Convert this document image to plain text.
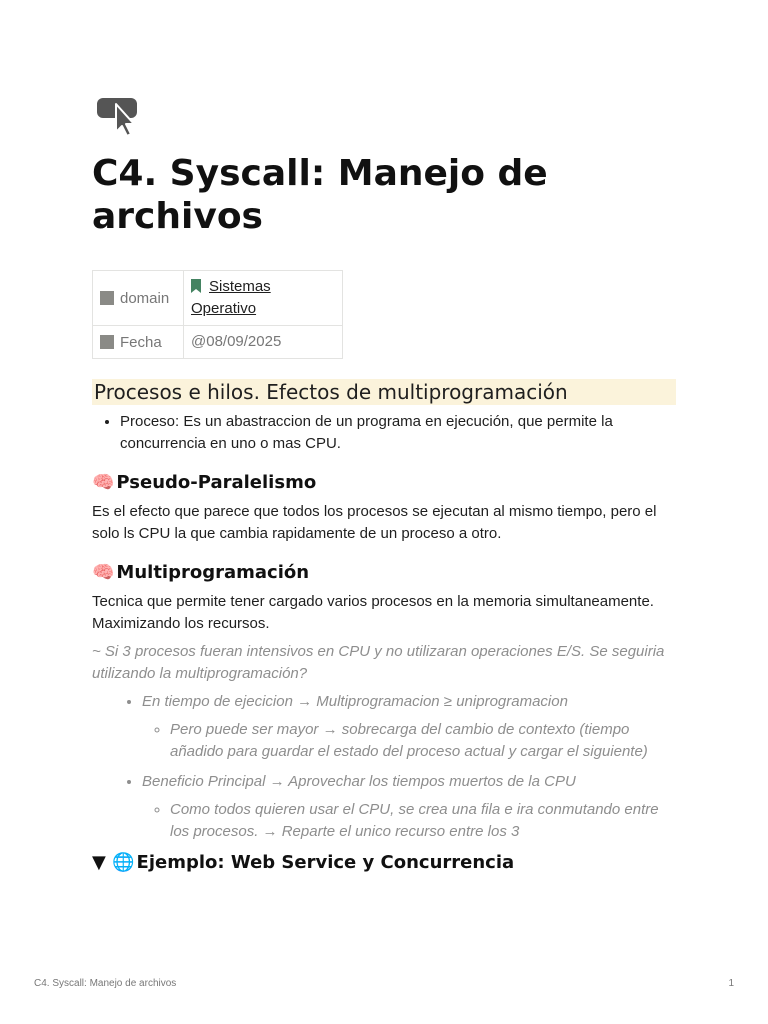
C4. Syscall: Manejo de archivos
domain	Sistemas Operativo
Fecha	@08/09/2025
Procesos e hilos. Efectos de multiprogramación
• Proceso: Es un abastraccion de un programa en ejecución, que permite la concurrencia en uno o mas CPU.
🧠 Pseudo-Paralelismo

Es el efecto que parece que todos los procesos se ejecutan al mismo tiempo, pero el solo ls CPU la que cambia rapidamente de un proceso a otro.

🧠 Multiprogramación

Tecnica que permite tener cargado varios procesos en la memoria simultaneamente. Maximizando los recursos.

~ Si 3 procesos fueran intensivos en CPU y no utilizaran operaciones E/S. Se seguiria utilizando la multiprogramación?

• En tiempo de ejecicion → Multiprogramacion ≥ uniprogramacion
◦ Pero puede ser mayor → sobrecarga del cambio de contexto (tiempo añadido para guardar el estado del proceso actual y cargar el siguiente)
• Beneficio Principal → Aprovechar los tiempos muertos de la CPU
◦ Como todos quieren usar el CPU, se crea una fila e ira conmutando entre los procesos. → Reparte el unico recurso entre los 3
▼ 🌐 Ejemplo: Web Service y Concurrencia
C4. Syscall: Manejo de archivos	1
